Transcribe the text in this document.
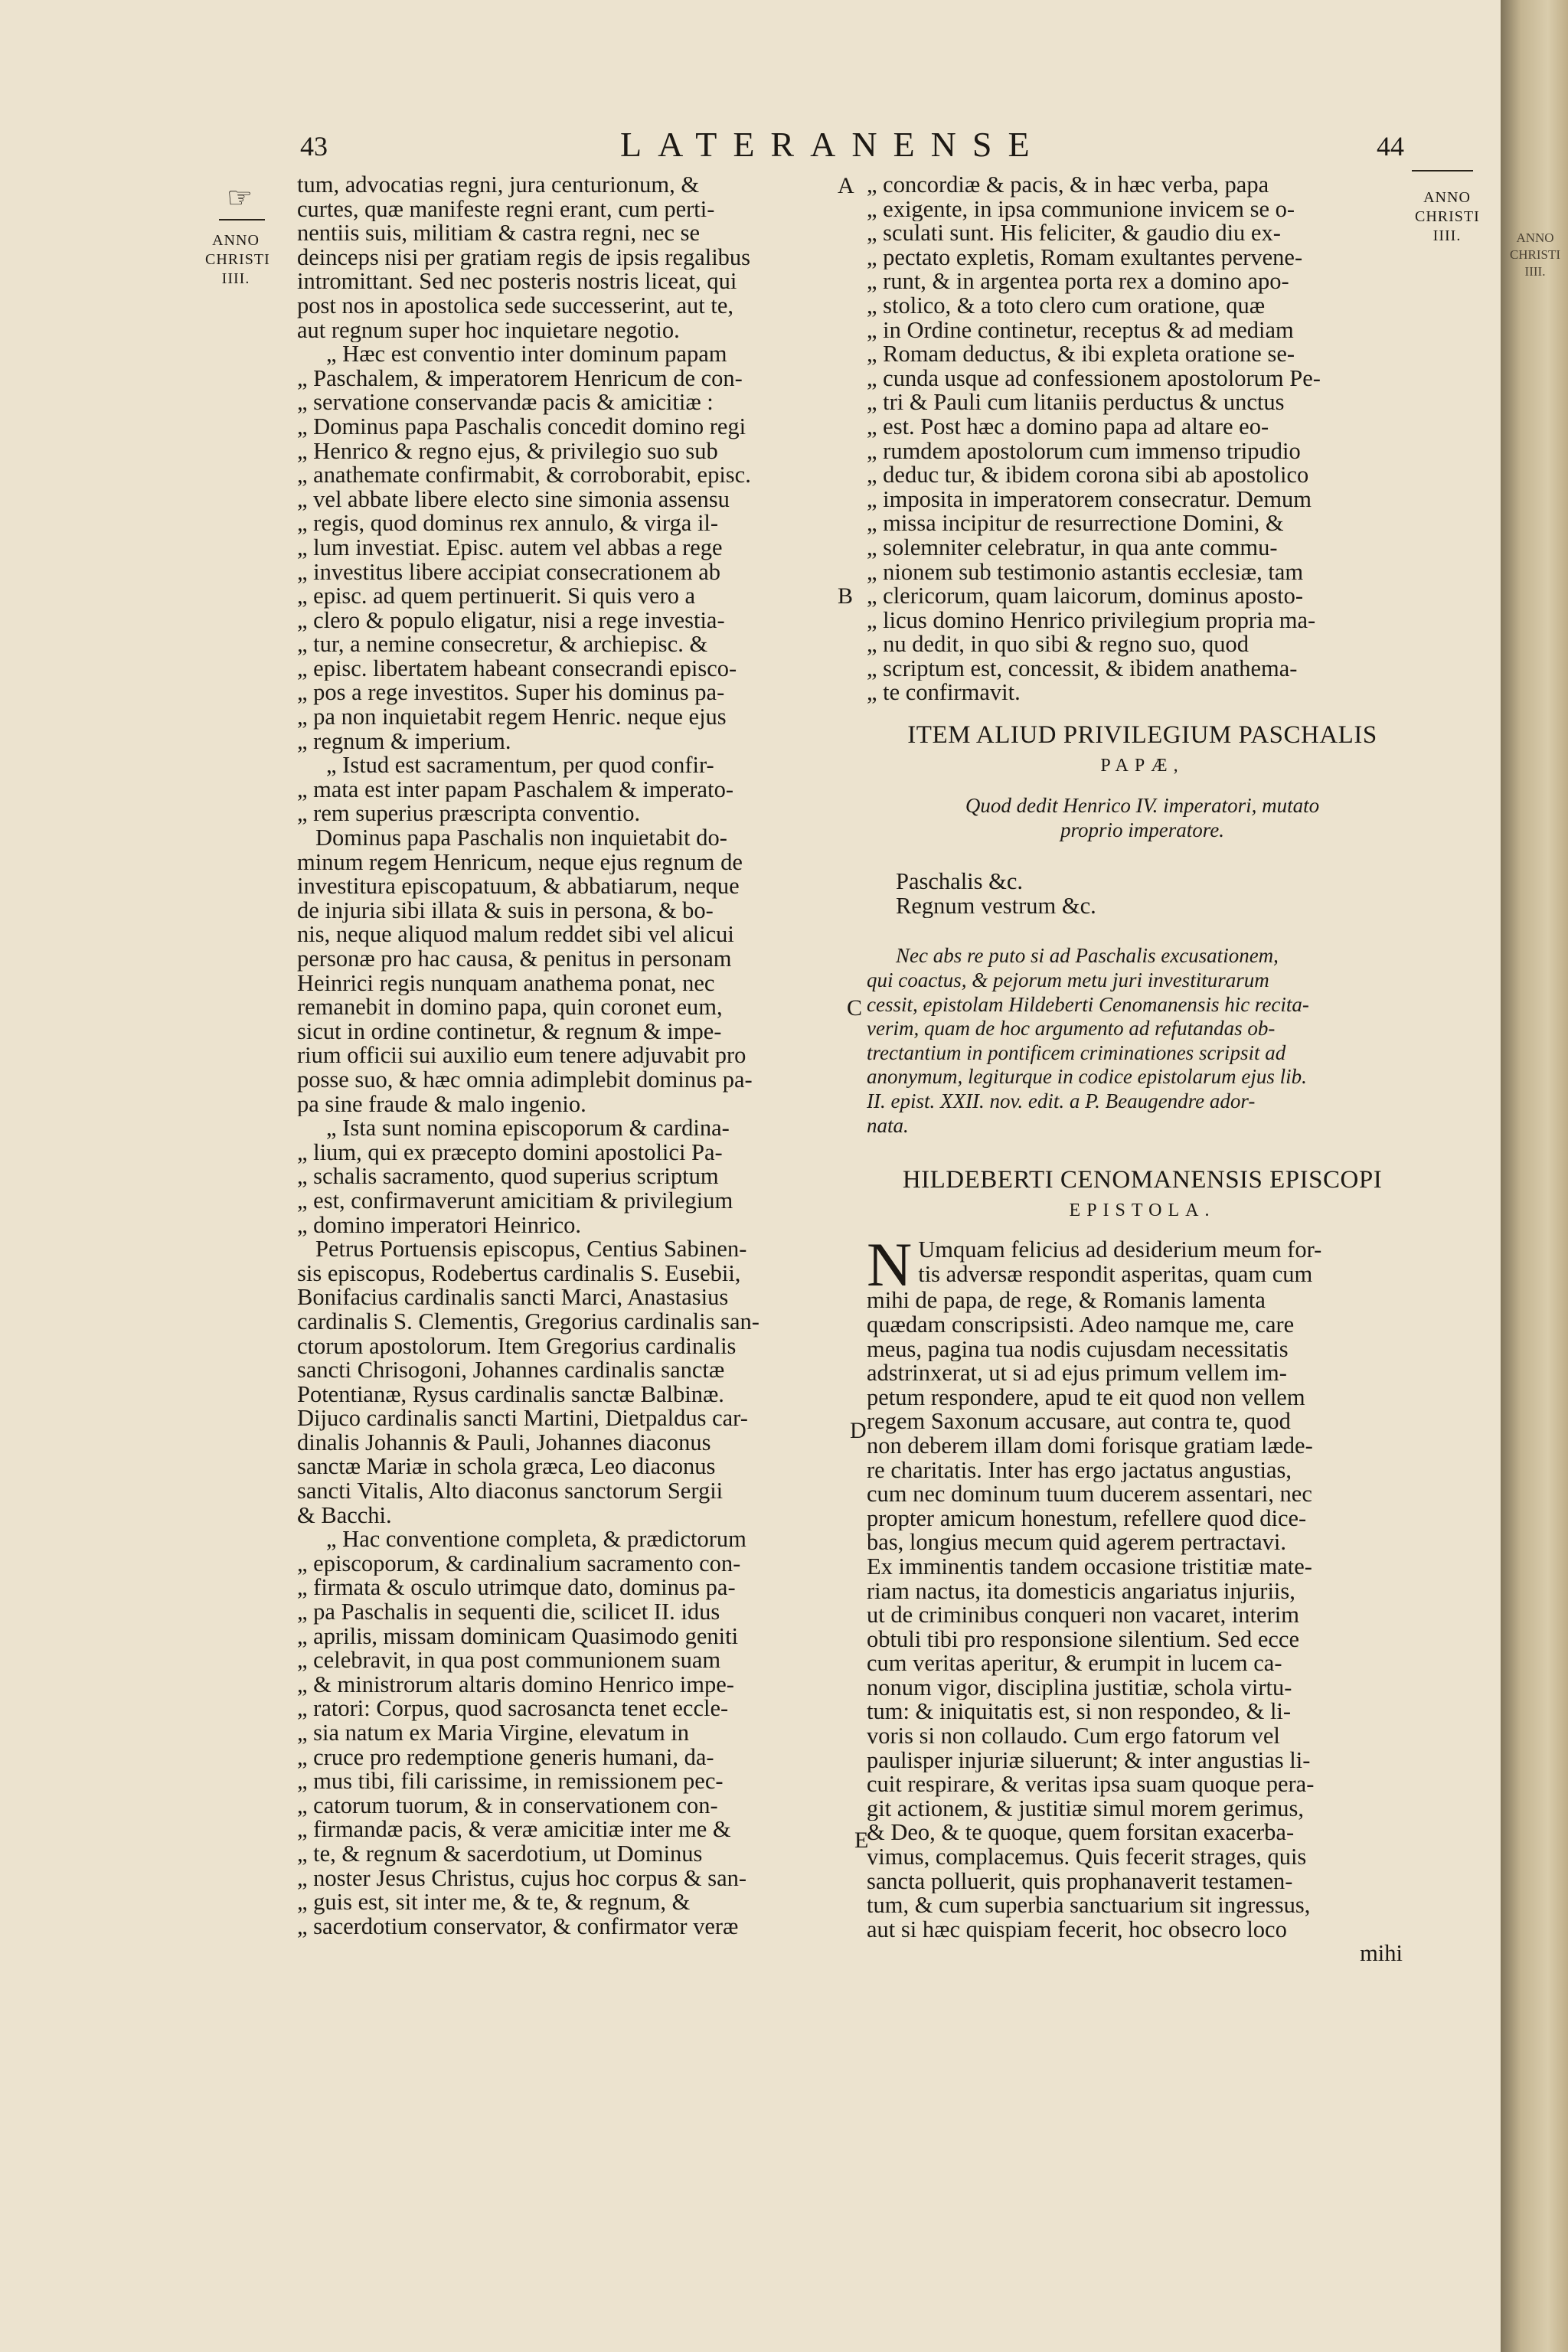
43	LATERANENSE	44
☞
ANNO
CHRISTI
IIII.
ANNO
CHRISTI
IIII.
A
B
C
D
E

tum, advocatias regni, jura centurionum, &
curtes, quæ manifeste regni erant, cum perti-
nentiis suis, militiam & castra regni, nec se
deinceps nisi per gratiam regis de ipsis regalibus
intromittant. Sed nec posteris nostris liceat, qui
post nos in apostolica sede successerint, aut te,
aut regnum super hoc inquietare negotio.

„ Hæc est conventio inter dominum papam
„ Paschalem, & imperatorem Henricum de con-
„ servatione conservandæ pacis & amicitiæ :
„ Dominus papa Paschalis concedit domino regi
„ Henrico & regno ejus, & privilegio suo sub
„ anathemate confirmabit, & corroborabit, episc.
„ vel abbate libere electo sine simonia assensu
„ regis, quod dominus rex annulo, & virga il-
„ lum investiat. Episc. autem vel abbas a rege
„ investitus libere accipiat consecrationem ab
„ episc. ad quem pertinuerit. Si quis vero a
„ clero & populo eligatur, nisi a rege investia-
„ tur, a nemine consecretur, & archiepisc. &
„ episc. libertatem habeant consecrandi episco-
„ pos a rege investitos. Super his dominus pa-
„ pa non inquietabit regem Henric. neque ejus
„ regnum & imperium.

„ Istud est sacramentum, per quod confir-
„ mata est inter papam Paschalem & imperato-
„ rem superius præscripta conventio.

Dominus papa Paschalis non inquietabit do-
minum regem Henricum, neque ejus regnum de
investitura episcopatuum, & abbatiarum, neque
de injuria sibi illata & suis in persona, & bo-
nis, neque aliquod malum reddet sibi vel alicui
personæ pro hac causa, & penitus in personam
Heinrici regis nunquam anathema ponat, nec
remanebit in domino papa, quin coronet eum,
sicut in ordine continetur, & regnum & impe-
rium officii sui auxilio eum tenere adjuvabit pro
posse suo, & hæc omnia adimplebit dominus pa-
pa sine fraude & malo ingenio.

„ Ista sunt nomina episcoporum & cardina-
„ lium, qui ex præcepto domini apostolici Pa-
„ schalis sacramento, quod superius scriptum
„ est, confirmaverunt amicitiam & privilegium
„ domino imperatori Heinrico.

Petrus Portuensis episcopus, Centius Sabinen-
sis episcopus, Rodebertus cardinalis S. Eusebii,
Bonifacius cardinalis sancti Marci, Anastasius
cardinalis S. Clementis, Gregorius cardinalis san-
ctorum apostolorum. Item Gregorius cardinalis
sancti Chrisogoni, Johannes cardinalis sanctæ
Potentianæ, Rysus cardinalis sanctæ Balbinæ.
Dijuco cardinalis sancti Martini, Dietpaldus car-
dinalis Johannis & Pauli, Johannes diaconus
sanctæ Mariæ in schola græca, Leo diaconus
sancti Vitalis, Alto diaconus sanctorum Sergii
& Bacchi.

„ Hac conventione completa, & prædictorum
„ episcoporum, & cardinalium sacramento con-
„ firmata & osculo utrimque dato, dominus pa-
„ pa Paschalis in sequenti die, scilicet II. idus
„ aprilis, missam dominicam Quasimodo geniti
„ celebravit, in qua post communionem suam
„ & ministrorum altaris domino Henrico impe-
„ ratori: Corpus, quod sacrosancta tenet eccle-
„ sia natum ex Maria Virgine, elevatum in
„ cruce pro redemptione generis humani, da-
„ mus tibi, fili carissime, in remissionem pec-
„ catorum tuorum, & in conservationem con-
„ firmandæ pacis, & veræ amicitiæ inter me &
„ te, & regnum & sacerdotium, ut Dominus
„ noster Jesus Christus, cujus hoc corpus & san-
„ guis est, sit inter me, & te, & regnum, &
„ sacerdotium conservator, & confirmator veræ

„ concordiæ & pacis, & in hæc verba, papa
„ exigente, in ipsa communione invicem se o-
„ sculati sunt. His feliciter, & gaudio diu ex-
„ pectato expletis, Romam exultantes pervene-
„ runt, & in argentea porta rex a domino apo-
„ stolico, & a toto clero cum oratione, quæ
„ in Ordine continetur, receptus & ad mediam
„ Romam deductus, & ibi expleta oratione se-
„ cunda usque ad confessionem apostolorum Pe-
„ tri & Pauli cum litaniis perductus & unctus
„ est. Post hæc a domino papa ad altare eo-
„ rumdem apostolorum cum immenso tripudio
„ deduc tur, & ibidem corona sibi ab apostolico
„ imposita in imperatorem consecratur. Demum
„ missa incipitur de resurrectione Domini, &
„ solemniter celebratur, in qua ante commu-
„ nionem sub testimonio astantis ecclesiæ, tam
„ clericorum, quam laicorum, dominus aposto-
„ licus domino Henrico privilegium propria ma-
„ nu dedit, in quo sibi & regno suo, quod
„ scriptum est, concessit, & ibidem anathema-
„ te confirmavit.

ITEM ALIUD PRIVILEGIUM PASCHALIS
PAPÆ,
Quod dedit Henrico IV. imperatori, mutato
proprio imperatore.

Paschalis &c.
Regnum vestrum &c.

Nec abs re puto si ad Paschalis excusationem,
qui coactus, & pejorum metu juri investiturarum
cessit, epistolam Hildeberti Cenomanensis hic recita-
verim, quam de hoc argumento ad refutandas ob-
trectantium in pontificem criminationes scripsit ad
anonymum, legiturque in codice epistolarum ejus lib.
II. epist. XXII. nov. edit. a P. Beaugendre ador-
nata.

HILDEBERTI CENOMANENSIS EPISCOPI
EPISTOLA.

N Umquam felicius ad desiderium meum for-
tis adversæ respondit asperitas, quam cum
mihi de papa, de rege, & Romanis lamenta
quædam conscripsisti. Adeo namque me, care
meus, pagina tua nodis cujusdam necessitatis
adstrinxerat, ut si ad ejus primum vellem im-
petum respondere, apud te eit quod non vellem
regem Saxonum accusare, aut contra te, quod
non deberem illam domi forisque gratiam læde-
re charitatis. Inter has ergo jactatus angustias,
cum nec dominum tuum ducerem assentari, nec
propter amicum honestum, refellere quod dice-
bas, longius mecum quid agerem pertractavi.
Ex imminentis tandem occasione tristitiæ mate-
riam nactus, ita domesticis angariatus injuriis,
ut de criminibus conqueri non vacaret, interim
obtuli tibi pro responsione silentium. Sed ecce
cum veritas aperitur, & erumpit in lucem ca-
nonum vigor, disciplina justitiæ, schola virtu-
tum: & iniquitatis est, si non respondeo, & li-
voris si non collaudo. Cum ergo fatorum vel
paulisper injuriæ siluerunt; & inter angustias li-
cuit respirare, & veritas ipsa suam quoque pera-
git actionem, & justitiæ simul morem gerimus,
& Deo, & te quoque, quem forsitan exacerba-
vimus, complacemus. Quis fecerit strages, quis
sancta polluerit, quis prophanaverit testamen-
tum, & cum superbia sanctuarium sit ingressus,
aut si hæc quispiam fecerit, hoc obsecro loco
mihi

ANNO
CHRISTI
IIII.
